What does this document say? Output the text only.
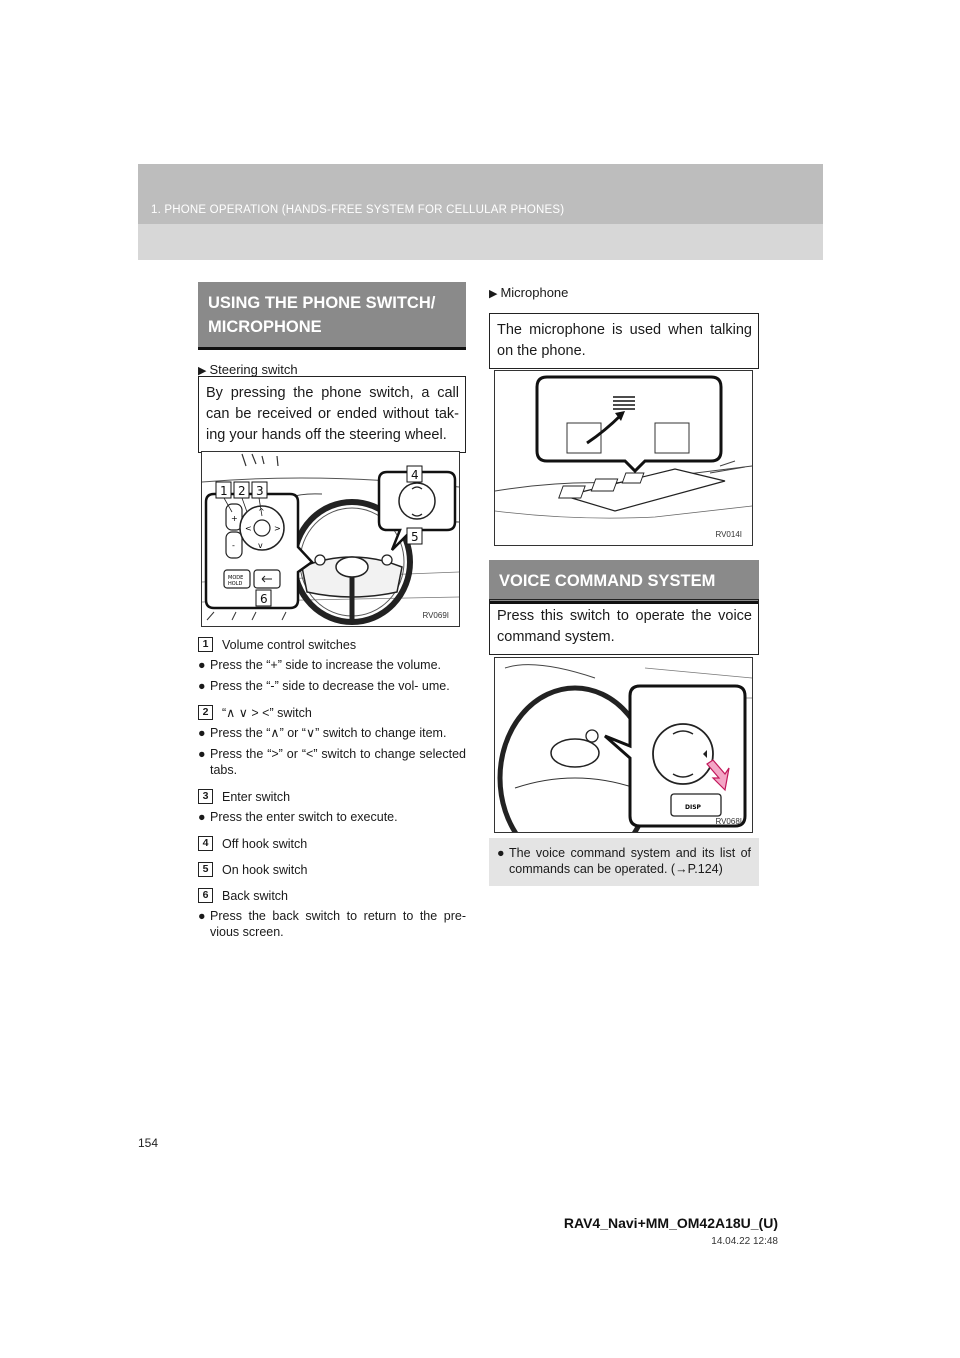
1. PHONE OPERATION (HANDS-FREE SYSTEM FOR CELLULAR PHONES)
USING THE PHONE SWITCH/ MICROPHONE

▶ Steering switch

By pressing the phone switch, a call can be received or ended without tak- ing your hands off the steering wheel.
+
-
^
v
<	>
MODE
HOLD
1 2 3
4
5
6
RV069I
1	Volume control switches
● Press the “+” side to increase the volume.
● Press the “-” side to decrease the vol- ume.
2	“∧ ∨ > <” switch
● Press the “∧” or “∨” switch to change item.
● Press the “>” or “<” switch to change selected tabs.
3	Enter switch
● Press the enter switch to execute.
4	Off hook switch
5	On hook switch
6	Back switch
● Press the back switch to return to the pre- vious screen.

▶ Microphone

The microphone is used when talking on the phone.
RV014I
VOICE COMMAND SYSTEM
Press this switch to operate the voice command system.
DISP
RV068I
● The voice command system and its list of commands can be operated. (→P.124)
154
RAV4_Navi+MM_OM42A18U_(U)
14.04.22 12:48
